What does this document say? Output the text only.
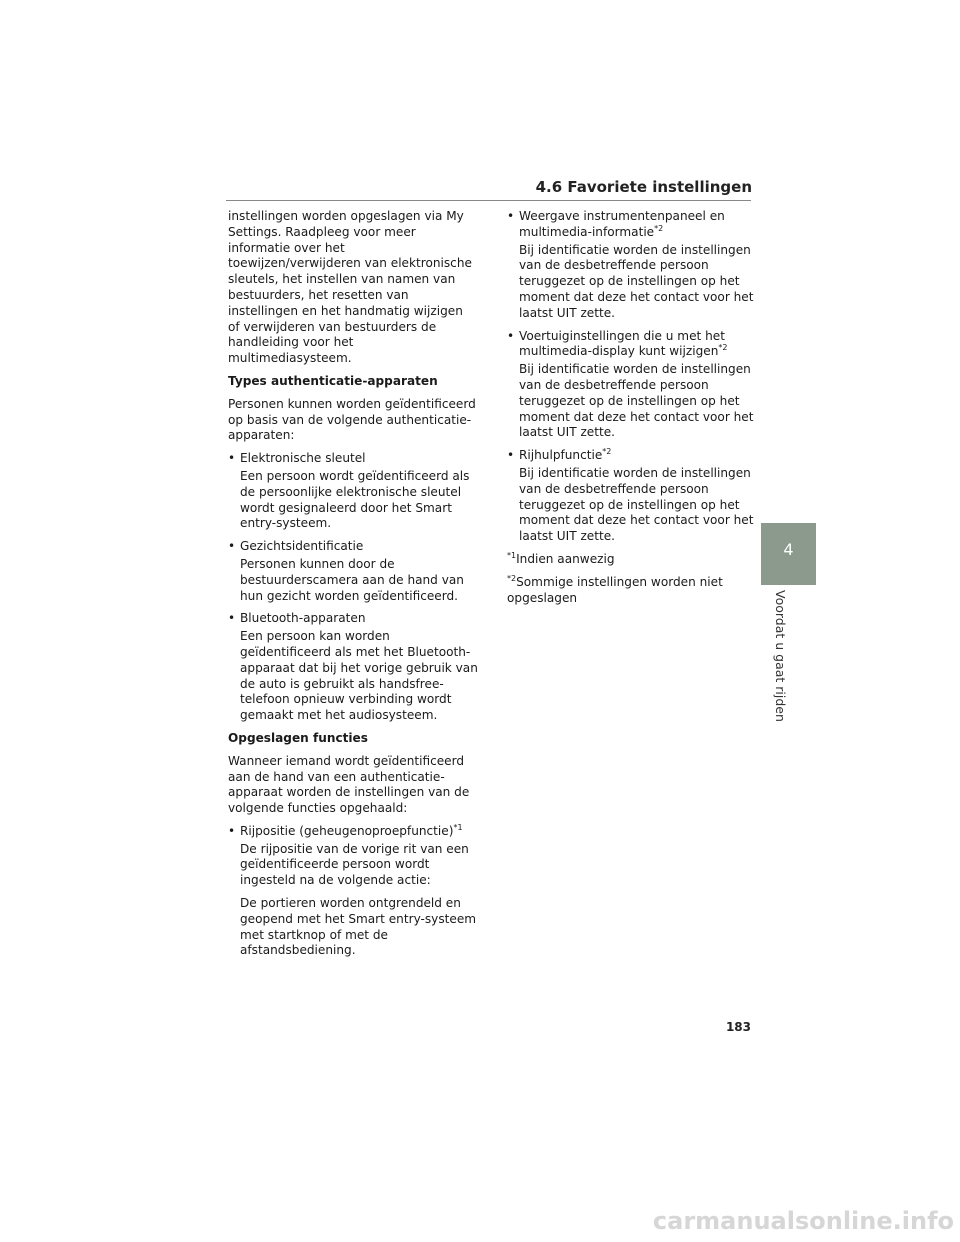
4.6 Favoriete instellingen

instellingen worden opgeslagen via My Settings. Raadpleeg voor meer informatie over het toewijzen/verwijderen van elektronische sleutels, het instellen van namen van bestuurders, het resetten van instellingen en het handmatig wijzigen of verwijderen van bestuurders de handleiding voor het multimediasysteem.

Types authenticatie-apparaten

Personen kunnen worden geïdentificeerd op basis van de volgende authenticatie-apparaten:

• Elektronische sleutel

Een persoon wordt geïdentificeerd als de persoonlijke elektronische sleutel wordt gesignaleerd door het Smart entry-systeem.

• Gezichtsidentificatie

Personen kunnen door de bestuurderscamera aan de hand van hun gezicht worden geïdentificeerd.

• Bluetooth-apparaten

Een persoon kan worden geïdentificeerd als met het Bluetooth-apparaat dat bij het vorige gebruik van de auto is gebruikt als handsfree-telefoon opnieuw verbinding wordt gemaakt met het audiosysteem.

Opgeslagen functies

Wanneer iemand wordt geïdentificeerd aan de hand van een authenticatie-apparaat worden de instellingen van de volgende functies opgehaald:

• Rijpositie (geheugenoproepfunctie)$^{*1}$

De rijpositie van de vorige rit van een geïdentificeerde persoon wordt ingesteld na de volgende actie:

De portieren worden ontgrendeld en geopend met het Smart entry-systeem met startknop of met de afstandsbediening.

• Weergave instrumentenpaneel en multimedia-informatie$^{*2}$

Bij identificatie worden de instellingen van de desbetreffende persoon teruggezet op de instellingen op het moment dat deze het contact voor het laatst UIT zette.

• Voertuiginstellingen die u met het multimedia-display kunt wijzigen$^{*2}$

Bij identificatie worden de instellingen van de desbetreffende persoon teruggezet op de instellingen op het moment dat deze het contact voor het laatst UIT zette.

• Rijhulpfunctie$^{*2}$

Bij identificatie worden de instellingen van de desbetreffende persoon teruggezet op de instellingen op het moment dat deze het contact voor het laatst UIT zette.

$^{*1}$Indien aanwezig

$^{*2}$Sommige instellingen worden niet opgeslagen

4
Voordat u gaat rijden
183
carmanualsonline.info
